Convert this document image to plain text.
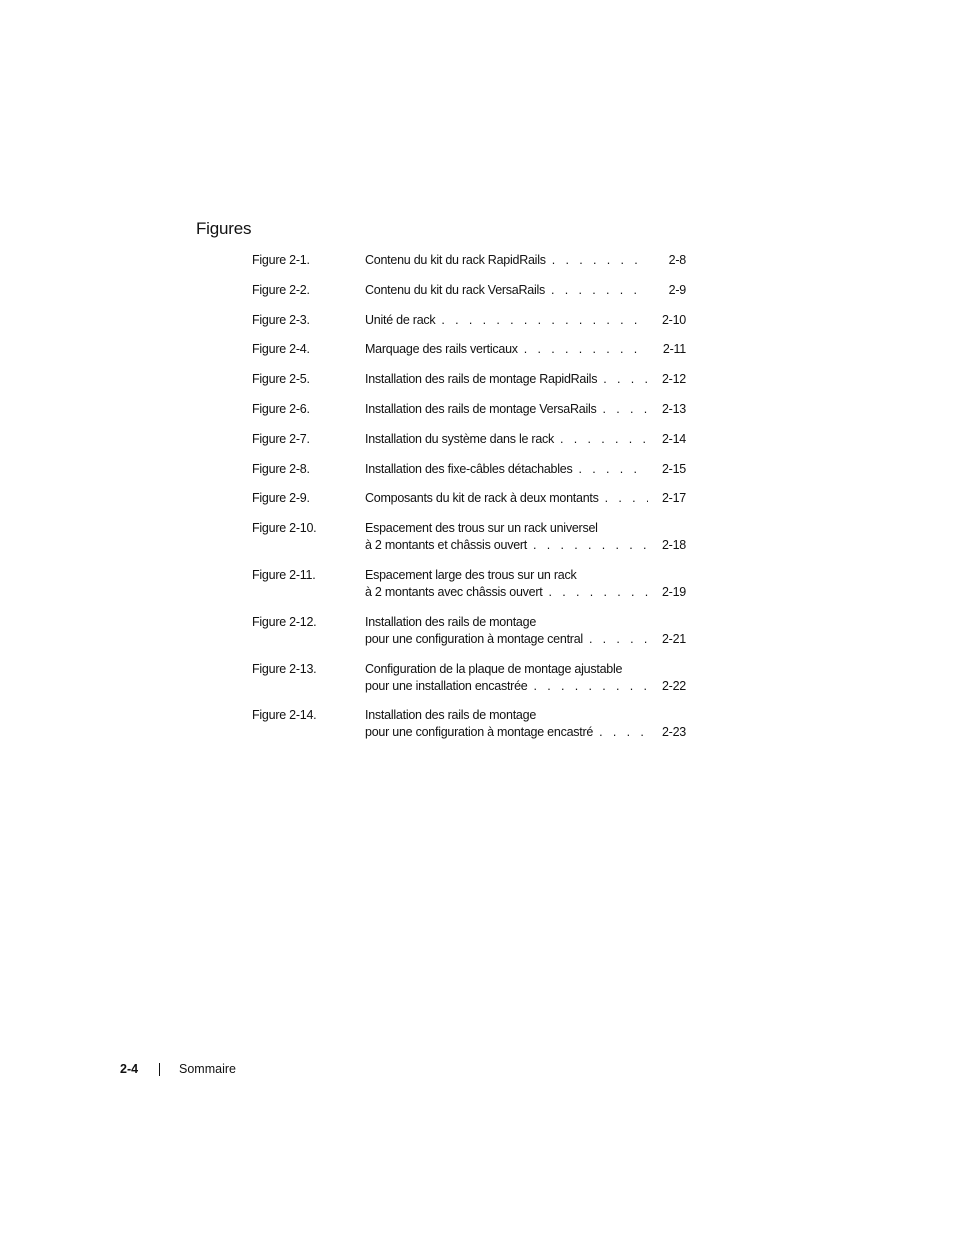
Figures
Figure 2-1.	Contenu du kit du rack RapidRails . . .	2-8
Figure 2-2.	Contenu du kit du rack VersaRails . . .	2-9
Figure 2-3.	Unité de rack . . .	2-10
Figure 2-4.	Marquage des rails verticaux . . .	2-11
Figure 2-5.	Installation des rails de montage RapidRails . . .	2-12
Figure 2-6.	Installation des rails de montage VersaRails . . .	2-13
Figure 2-7.	Installation du système dans le rack . . .	2-14
Figure 2-8.	Installation des fixe-câbles détachables . . .	2-15
Figure 2-9.	Composants du kit de rack à deux montants . . .	2-17
Figure 2-10.	Espacement des trous sur un rack universel
à 2 montants et châssis ouvert . . .	2-18
Figure 2-11.	Espacement large des trous sur un rack
à 2 montants avec châssis ouvert . . .	2-19
Figure 2-12.	Installation des rails de montage
pour une configuration à montage central . . .	2-21
Figure 2-13.	Configuration de la plaque de montage ajustable
pour une installation encastrée . . .	2-22
Figure 2-14.	Installation des rails de montage
pour une configuration à montage encastré . . .	2-23
2-4	Sommaire
